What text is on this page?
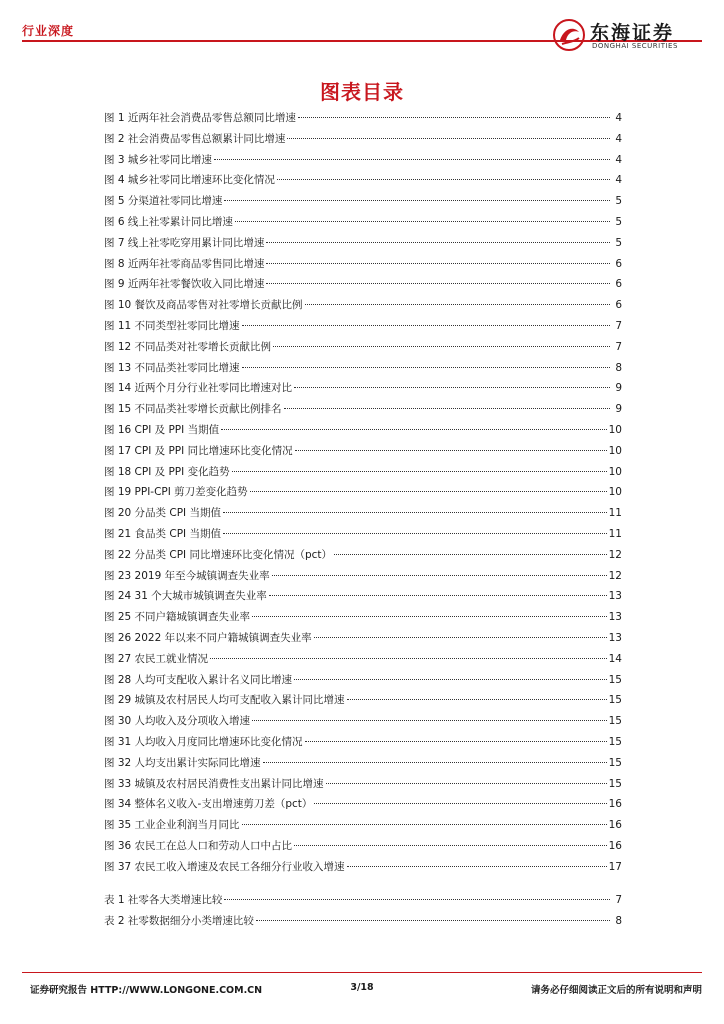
行业深度	东海证券
DONGHAI SECURITIES
图表目录
图 1 近两年社会消费品零售总额同比增速	4
图 2 社会消费品零售总额累计同比增速	4
图 3 城乡社零同比增速	4
图 4 城乡社零同比增速环比变化情况	4
图 5 分渠道社零同比增速	5
图 6 线上社零累计同比增速	5
图 7 线上社零吃穿用累计同比增速	5
图 8 近两年社零商品零售同比增速	6
图 9 近两年社零餐饮收入同比增速	6
图 10 餐饮及商品零售对社零增长贡献比例	6
图 11 不同类型社零同比增速	7
图 12 不同品类对社零增长贡献比例	7
图 13 不同品类社零同比增速	8
图 14 近两个月分行业社零同比增速对比	9
图 15 不同品类社零增长贡献比例排名	9
图 16 CPI 及 PPI 当期值	10
图 17 CPI 及 PPI 同比增速环比变化情况	10
图 18 CPI 及 PPI 变化趋势	10
图 19 PPI-CPI 剪刀差变化趋势	10
图 20 分品类 CPI 当期值	11
图 21 食品类 CPI 当期值	11
图 22 分品类 CPI 同比增速环比变化情况（pct）	12
图 23 2019 年至今城镇调查失业率	12
图 24 31 个大城市城镇调查失业率	13
图 25 不同户籍城镇调查失业率	13
图 26 2022 年以来不同户籍城镇调查失业率	13
图 27 农民工就业情况	14
图 28 人均可支配收入累计名义同比增速	15
图 29 城镇及农村居民人均可支配收入累计同比增速	15
图 30 人均收入及分项收入增速	15
图 31 人均收入月度同比增速环比变化情况	15
图 32 人均支出累计实际同比增速	15
图 33 城镇及农村居民消费性支出累计同比增速	15
图 34 整体名义收入-支出增速剪刀差（pct）	16
图 35 工业企业利润当月同比	16
图 36 农民工在总人口和劳动人口中占比	16
图 37 农民工收入增速及农民工各细分行业收入增速	17
表 1 社零各大类增速比较	7
表 2 社零数据细分小类增速比较	8
证券研究报告 HTTP://WWW.LONGONE.COM.CN	3/18	请务必仔细阅读正文后的所有说明和声明
